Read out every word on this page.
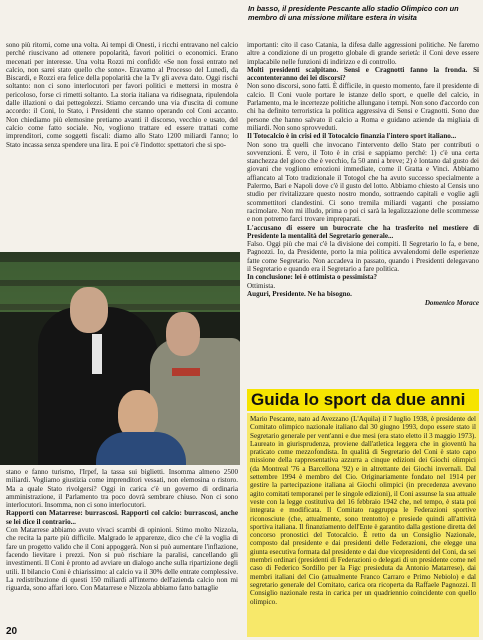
In basso, il presidente Pescante allo stadio Olimpico con un membro di una missione militare estera in visita

sono più ritorni, come una volta. Ai tempi di Onesti, i ricchi entravano nel calcio perché riuscivano ad ottenere popolarità, favori politici o economici. Erano mecenati per interesse. Una volta Rozzi mi confidò: «Se non fossi entrato nel calcio, non sarei stato quello che sono». Eravamo al Processo del Lunedì, da Biscardi, e Rozzi era felice della popolarità che la Tv gli aveva dato. Oggi rischi soltanto: non ci sono interlocutori per favori politici e mettersi in mostra è pericoloso, forse ci rimetti soltanto. La storia italiana va ridisegnata, ripulendola dalle illazioni o dai pettegolezzi. Stiamo cercando una via d'uscita di comune accordo: il Coni, lo Stato, i Presidenti che stanno operando col Coni accanto. Non chiediamo più elemosine pretiamo avanti il discorso, vecchio e usato, del calcio come fatto sociale. No, vogliono trattare ed essere trattati come imprenditori, come soggetti fiscali: diamo allo Stato 1200 miliardi l'anno; lo Stato incassa senza spendere una lira. E poi c'è l'indotto: spettatori che si spo-

stano e fanno turismo, l'Irpef, la tassa sui biglietti. Insomma almeno 2500 miliardi. Vogliamo giustizia come imprenditori vessati, non elemosina o ristoro. Ma a quale Stato rivolgersi? Oggi in carica c'è un governo di ordinaria amministrazione, il Parlamento tra poco dovrà sembrare chiuso. Non ci sono interlocutori. Insomma, non ci sono interlocutori.

Rapporti con Matarrese: burrascosi. Rapporti col calcio: burrascosi, anche se lei dice il contrario...

Con Matarrese abbiamo avuto vivaci scambi di opinioni. Stimo molto Nizzola, che recita la parte più difficile. Malgrado le apparenze, dico che c'è la voglia di fare un progetto valido che il Coni appoggerà. Non si può aumentare l'inflazione, facendo lievitare i prezzi. Non si può rischiare la paralisi, cancellando gli investimenti. Il Coni è pronto ad avviare un dialogo anche sulla ripartizione degli utili. Il bilancio Coni è chiarissimo: al calcio va il 30% delle entrate complessive. La redistribuzione di questi 150 miliardi all'interno dell'azienda calcio non mi riguarda, sono affari loro. Con Matarrese e Nizzola abbiamo fatto battaglie

importanti: cito il caso Catania, la difesa dalle aggressioni politiche. Ne faremo altre a condizione di un progetto globale di grande serietà: il Coni deve essere implacabile nelle funzioni di indirizzo e di controllo.

Molti presidenti scalpitano. Sensi e Cragnotti fanno la fronda. Si accontenteranno dei lei discorsi?

Non sono discorsi, sono fatti. È difficile, in questo momento, fare il presidente di calcio. Il Coni vuole portare le istanze dello sport, e quelle del calcio, in Parlamento, ma le incertezze politiche allungano i tempi. Non sono d'accordo con chi ha definito terroristica la politica aggressiva di Sensi e Cragnotti. Sono due persone che hanno salvato il calcio a Roma e guidano aziende da migliaia di miliardi. Non sono sprovveduti.

Il Totocalcio è in crisi ed il Totocalcio finanzia l'intero sport italiano...

Non sono tra quelli che invocano l'intervento dello Stato per contributi o sovvenzioni. È vero, il Toto è in crisi e sappiamo perché: 1) c'è una certa stanchezza del gioco che è vecchio, fa 50 anni a breve; 2) è lontano dal gusto dei giovani che vogliono emozioni immediate, come il Gratta e Vinci. Abbiamo affiancato al Toto tradizionale il Totogol che ha avuto successo specialmente a Palermo, Bari e Napoli dove c'è il gusto del lotto. Abbiamo chiesto al Censis uno studio per rivitalizzare questo nostro mondo, sottraendo capitali e voglie agli scommettitori clandestini. Ci sono tremila miliardi vaganti che possiamo racimolare. Non mi illudo, prima o poi ci sarà la legalizzazione delle scommesse e non potremo farci trovare impreparati.

L'accusano di essere un burocrate che ha trasferito nel mestiere di Presidente la mentalità del Segretario generale...

Falso. Oggi più che mai c'è la divisione dei compiti. Il Segretario lo fa, e bene, Pagnozzi. Io, da Presidente, porto la mia politica avvalendomi delle esperienze fatte come Segretario. Non accadeva in passato, quando i Presidenti delegavano il Segretario e quando era il Segretario a fare politica.

In conclusione: lei è ottimista o pessimista?

Ottimista.

Auguri, Presidente. Ne ha bisogno.

Domenico Morace
Guida lo sport da due anni

Mario Pescante, nato ad Avezzano (L'Aquila) il 7 luglio 1938, è presidente del Comitato olimpico nazionale italiano dal 30 giugno 1993, dopo essere stato il Segretario generale per vent'anni e due mesi (era stato eletto il 3 maggio 1973). Laureato in giurisprudenza, proviene dall'atletica leggera che in gioventù ha praticato come mezzofondista. In qualità di Segretario del Coni è stato capo missione della rappresentativa azzurra a cinque edizioni dei Giochi olimpici (da Montreal '76 a Barcellona '92) e in altrettante dei Giochi invernali. Dal settembre 1994 è membro del Cio. Originariamente fondato nel 1914 per gestire la partecipazione italiana ai Giochi olimpici (in precedenza avevano agito comitati temporanei per le singole edizioni), il Coni assunse la sua attuale veste con la legge costitutiva del 16 febbraio 1942 che, nel tempo, è stata poi integrata e modificata. Il Comitato raggruppa le Federazioni sportive riconosciute (che, attualmente, sono trentotto) e presiede quindi all'attività sportiva italiana. Il finanziamento dell'Ente è garantito dalla gestione diretta del concorso pronostici del Totocalcio. È retto da un Consiglio Nazionale, composto dal presidente e dai presidenti delle Federazioni, che elegge una giunta esecutiva formata dal presidente e dai due vicepresidenti del Coni, da sei membri ordinari (presidenti di Federazioni o delegati di un presidente come nel caso di Federico Sordillo per la Figc presieduta da Antonio Matarrese), dai membri italiani del Cio (attualmente Franco Carraro e Primo Nebiolo) e dal segretario generale del Comitato, carica ora ricoperta da Raffaele Pagnozzi. Il Consiglio nazionale resta in carica per un quadriennio coincidente con quello olimpico.

20
